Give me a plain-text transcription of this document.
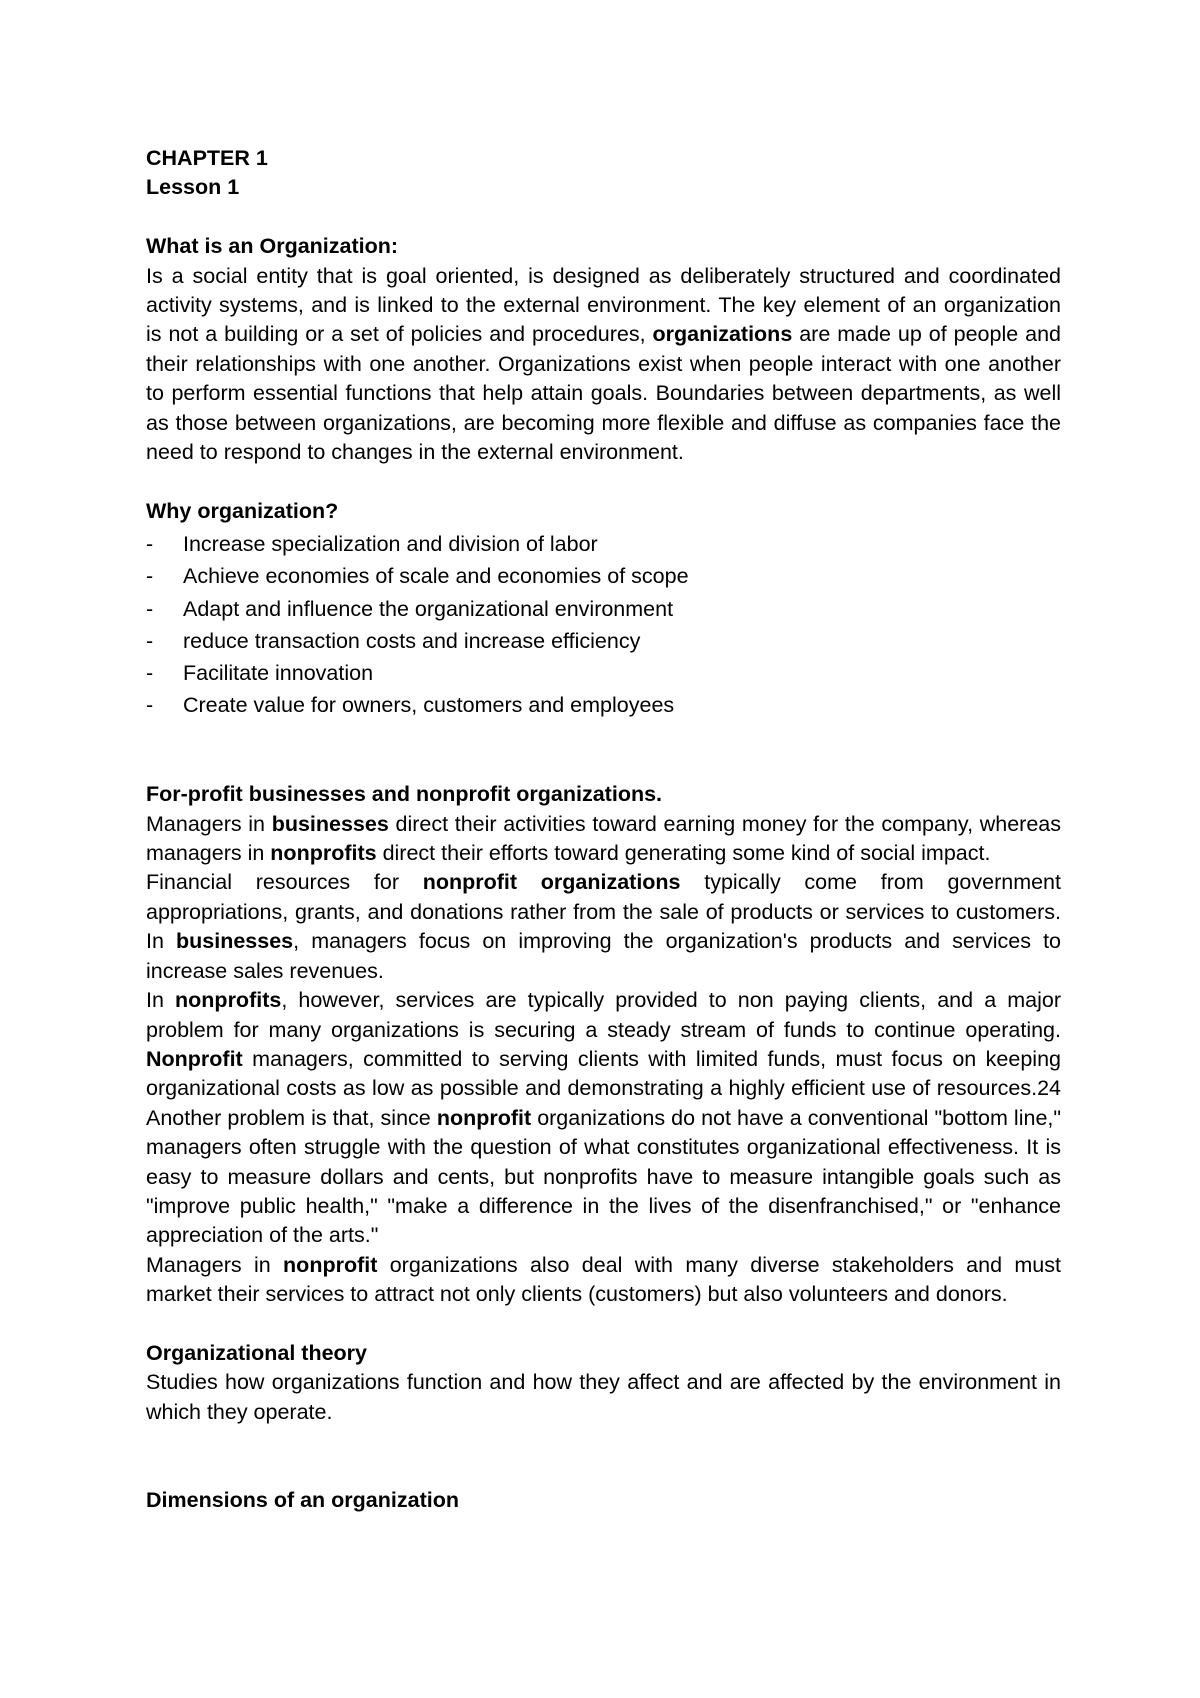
CHAPTER 1
Lesson 1
What is an Organization:

Is a social entity that is goal oriented, is designed as deliberately structured and coordinated activity systems, and is linked to the external environment. The key element of an organization is not a building or a set of policies and procedures, organizations are made up of people and their relationships with one another. Organizations exist when people interact with one another to perform essential functions that help attain goals. Boundaries between departments, as well as those between organizations, are becoming more flexible and diffuse as companies face the need to respond to changes in the external environment.

Why organization?
- Increase specialization and division of labor
- Achieve economies of scale and economies of scope
- Adapt and influence the organizational environment
- reduce transaction costs and increase efficiency
- Facilitate innovation
- Create value for owners, customers and employees
For-profit businesses and nonprofit organizations.

Managers in businesses direct their activities toward earning money for the company, whereas managers in nonprofits direct their efforts toward generating some kind of social impact.

Financial resources for nonprofit organizations typically come from government appropriations, grants, and donations rather from the sale of products or services to customers. In businesses, managers focus on improving the organization's products and services to increase sales revenues.

In nonprofits, however, services are typically provided to non paying clients, and a major problem for many organizations is securing a steady stream of funds to continue operating. Nonprofit managers, committed to serving clients with limited funds, must focus on keeping organizational costs as low as possible and demonstrating a highly efficient use of resources.24 Another problem is that, since nonprofit organizations do not have a conventional "bottom line," managers often struggle with the question of what constitutes organizational effectiveness. It is easy to measure dollars and cents, but nonprofits have to measure intangible goals such as "improve public health," "make a difference in the lives of the disenfranchised," or "enhance appreciation of the arts."

Managers in nonprofit organizations also deal with many diverse stakeholders and must market their services to attract not only clients (customers) but also volunteers and donors.

Organizational theory

Studies how organizations function and how they affect and are affected by the environment in which they operate.

Dimensions of an organization
